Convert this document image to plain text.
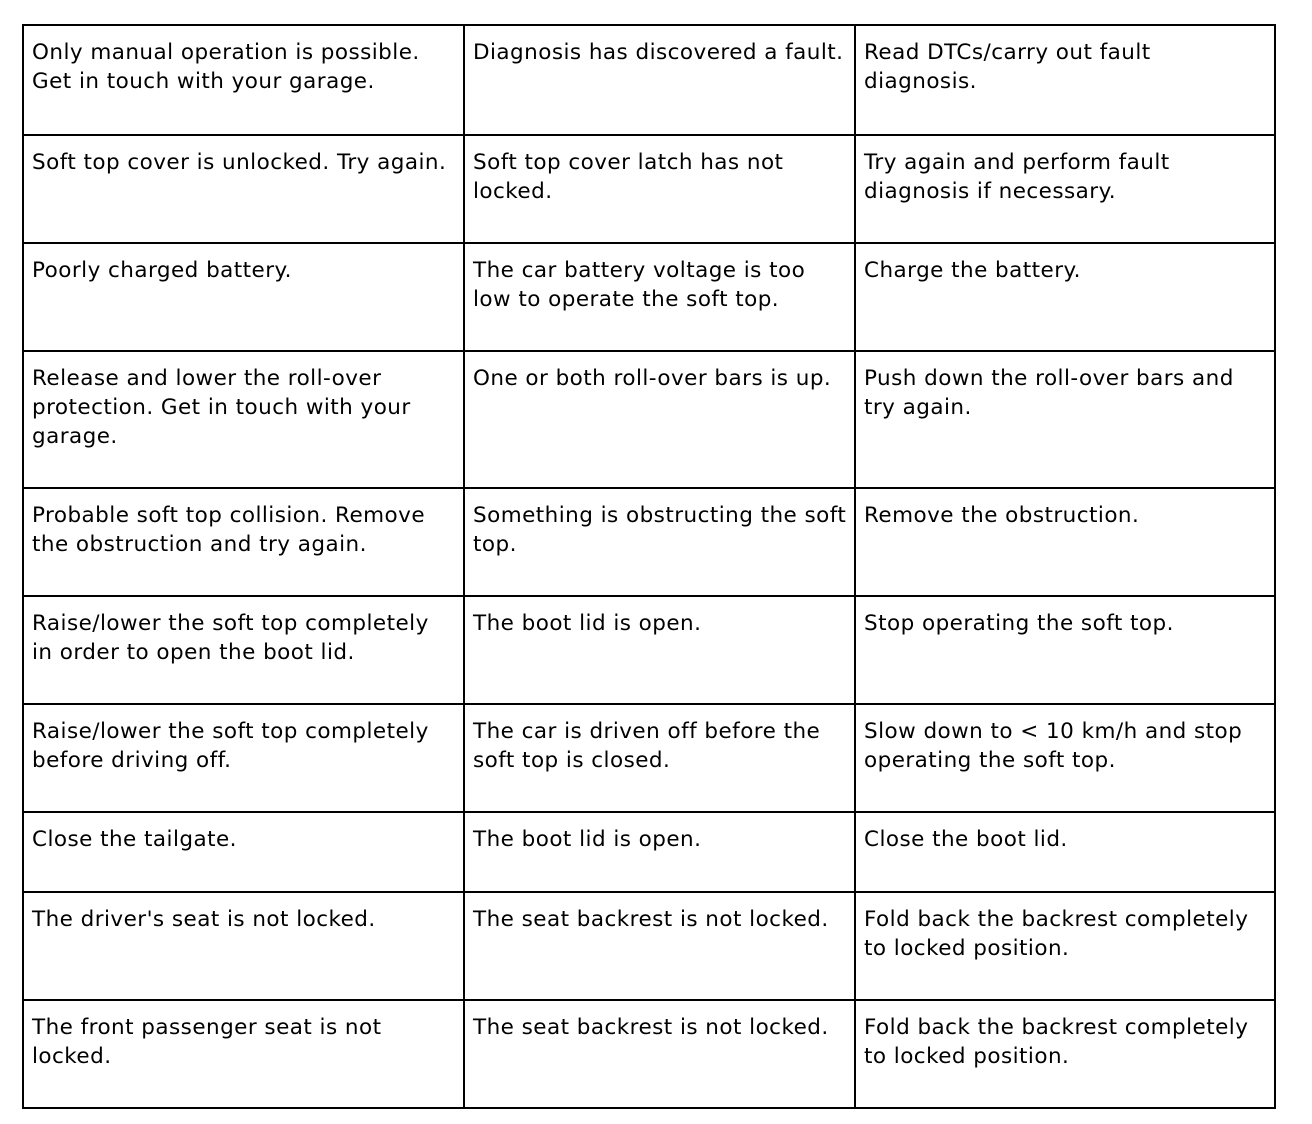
Only manual operation is possible. Get in touch with your garage.	Diagnosis has discovered a fault.	Read DTCs/carry out fault diagnosis.
Soft top cover is unlocked. Try again.	Soft top cover latch has not locked.	Try again and perform fault diagnosis if necessary.
Poorly charged battery.	The car battery voltage is too low to operate the soft top.	Charge the battery.
Release and lower the roll-over protection. Get in touch with your garage.	One or both roll-over bars is up.	Push down the roll-over bars and try again.
Probable soft top collision. Remove the obstruction and try again.	Something is obstructing the soft top.	Remove the obstruction.
Raise/lower the soft top completely in order to open the boot lid.	The boot lid is open.	Stop operating the soft top.
Raise/lower the soft top completely before driving off.	The car is driven off before the soft top is closed.	Slow down to < 10 km/h and stop operating the soft top.
Close the tailgate.	The boot lid is open.	Close the boot lid.
The driver's seat is not locked.	The seat backrest is not locked.	Fold back the backrest completely to locked position.
The front passenger seat is not locked.	The seat backrest is not locked.	Fold back the backrest completely to locked position.
